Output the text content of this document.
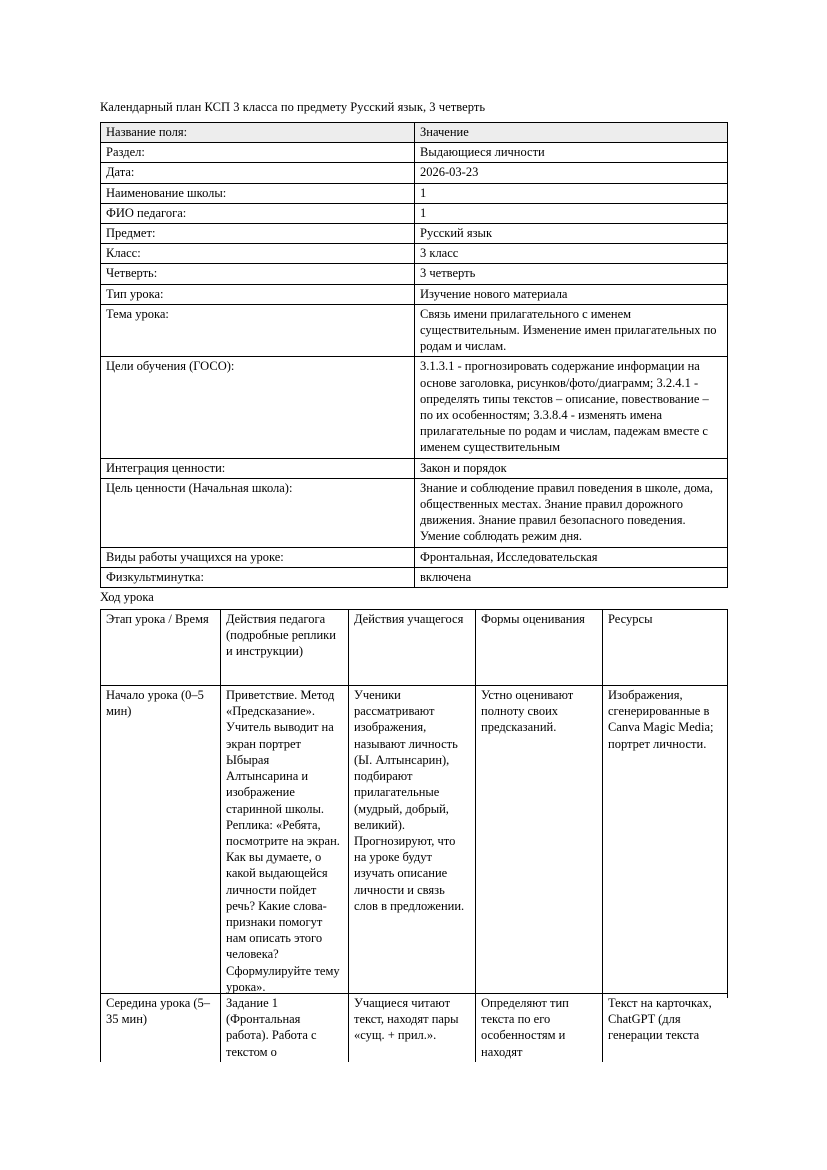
Календарный план КСП 3 класса по предмету Русский язык, 3 четверть

Название поля:	Значение
Раздел:	Выдающиеся личности
Дата:	2026-03-23
Наименование школы:	1
ФИО педагога:	1
Предмет:	Русский язык
Класс:	3 класс
Четверть:	3 четверть
Тип урока:	Изучение нового материала
Тема урока:	Связь имени прилагательного с именем существительным. Изменение имен прилагательных по родам и числам.
Цели обучения (ГОСО):	3.1.3.1 - прогнозировать содержание информации на основе заголовка, рисунков/фото/диаграмм; 3.2.4.1 - определять типы текстов – описание, повествование – по их особенностям; 3.3.8.4 - изменять имена прилагательные по родам и числам, падежам вместе с именем существительным
Интеграция ценности:	Закон и порядок
Цель ценности (Начальная школа):	Знание и соблюдение правил поведения в школе, дома, общественных местах. Знание правил дорожного движения. Знание правил безопасного поведения. Умение соблюдать режим дня.
Виды работы учащихся на уроке:	Фронтальная, Исследовательская
Физкультминутка:	включена

Ход урока

Этап урока / Время	Действия педагога (подробные реплики и инструкции)	Действия учащегося	Формы оценивания	Ресурсы
Начало урока (0–5 мин)	Приветствие. Метод «Предсказание». Учитель выводит на экран портрет Ыбырая Алтынсарина и изображение старинной школы. Реплика: «Ребята, посмотрите на экран. Как вы думаете, о какой выдающейся личности пойдет речь? Какие слова-признаки помогут нам описать этого человека? Сформулируйте тему урока».	Ученики рассматривают изображения, называют личность (Ы. Алтынсарин), подбирают прилагательные (мудрый, добрый, великий). Прогнозируют, что на уроке будут изучать описание личности и связь слов в предложении.	Устно оценивают полноту своих предсказаний.	Изображения, сгенерированные в Canva Magic Media; портрет личности.
Середина урока (5–35 мин)	Задание 1 (Фронтальная работа). Работа с текстом о	Учащиеся читают текст, находят пары «сущ. + прил.».	Определяют тип текста по его особенностям и находят	Текст на карточках, ChatGPT (для генерации текста
